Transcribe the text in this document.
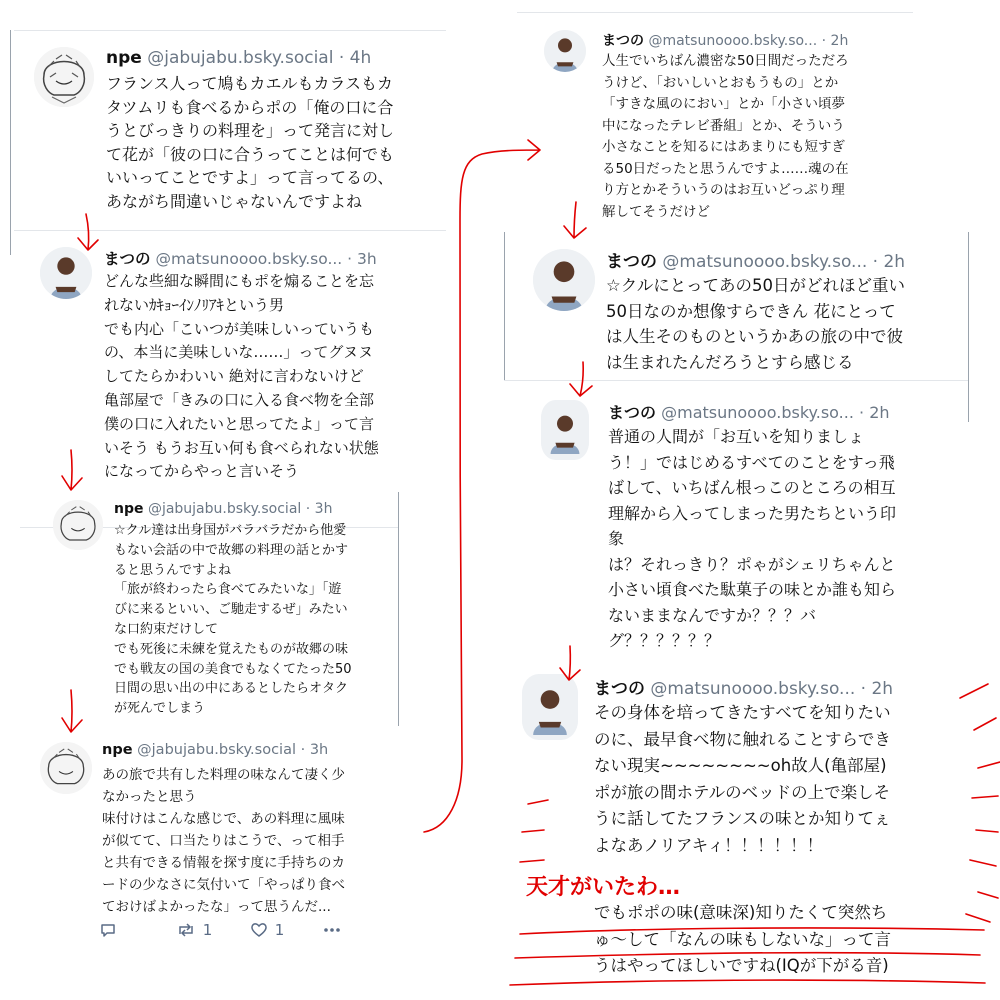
npe @jabujabu.bsky.social · 4h
フランス人って鳩もカエルもカラスもカ
タツムリも食べるからポの「俺の口に合
うとびっきりの料理を」って発言に対し
て花が「彼の口に合うってことは何でも
いいってことですよ」って言ってるの、
あながち間違いじゃないんですよね
まつの @matsunoooo.bsky.so... · 3h
どんな些細な瞬間にもポを煽ることを忘
れないｶｷｮｰｲﾝﾉﾘｱｷという男
でも内心「こいつが美味しいっていうも
の、本当に美味しいな……」ってグヌヌ
してたらかわいい 絶対に言わないけど
亀部屋で「きみの口に入る食べ物を全部
僕の口に入れたいと思ってたよ」って言
いそう もうお互い何も食べられない状態
になってからやっと言いそう
npe @jabujabu.bsky.social · 3h
☆クル達は出身国がバラバラだから他愛
もない会話の中で故郷の料理の話とかす
ると思うんですよね
「旅が終わったら食べてみたいな」「遊
びに来るといい、ご馳走するぜ」みたい
な口約束だけして
でも死後に未練を覚えたものが故郷の味
でも戦友の国の美食でもなくてたった50
日間の思い出の中にあるとしたらオタク
が死んでしまう
npe @jabujabu.bsky.social · 3h
あの旅で共有した料理の味なんて凄く少
なかったと思う
味付けはこんな感じで、あの料理に風味
が似てて、口当たりはこうで、って相手
と共有できる情報を探す度に手持ちのカ
ードの少なさに気付いて「やっぱり食べ
ておけばよかったな」って思うんだ...
1	1
まつの @matsunoooo.bsky.so... · 2h
人生でいちばん濃密な50日間だっただろ
うけど、「おいしいとおもうもの」とか
「すきな風のにおい」とか「小さい頃夢
中になったテレビ番組」とか、そういう
小さなことを知るにはあまりにも短すぎ
る50日だったと思うんですよ……魂の在
り方とかそういうのはお互いどっぷり理
解してそうだけど
まつの @matsunoooo.bsky.so... · 2h
☆クルにとってあの50日がどれほど重い
50日なのか想像すらできん 花にとって
は人生そのものというかあの旅の中で彼
は生まれたんだろうとすら感じる
まつの @matsunoooo.bsky.so... · 2h
普通の人間が「お互いを知りましょ
う！」ではじめるすべてのことをすっ飛
ばして、いちばん根っこのところの相互
理解から入ってしまった男たちという印
象
は？それっきり？ポゃがシェリちゃんと
小さい頃食べた駄菓子の味とか誰も知ら
ないままなんですか？？？バ
グ？？？？？？
まつの @matsunoooo.bsky.so... · 2h
その身体を培ってきたすべてを知りたい
のに、最早食べ物に触れることすらでき
ない現実~~~~~~~~oh故人(亀部屋)
ポが旅の間ホテルのベッドの上で楽しそ
うに話してたフランスの味とか知りてぇ
よなあノリアキィ！！！！！！
でもポポの味(意味深)知りたくて突然ち
ゅ〜して「なんの味もしないな」って言
うはやってほしいですね(IQが下がる音)
天才がいたわ…
